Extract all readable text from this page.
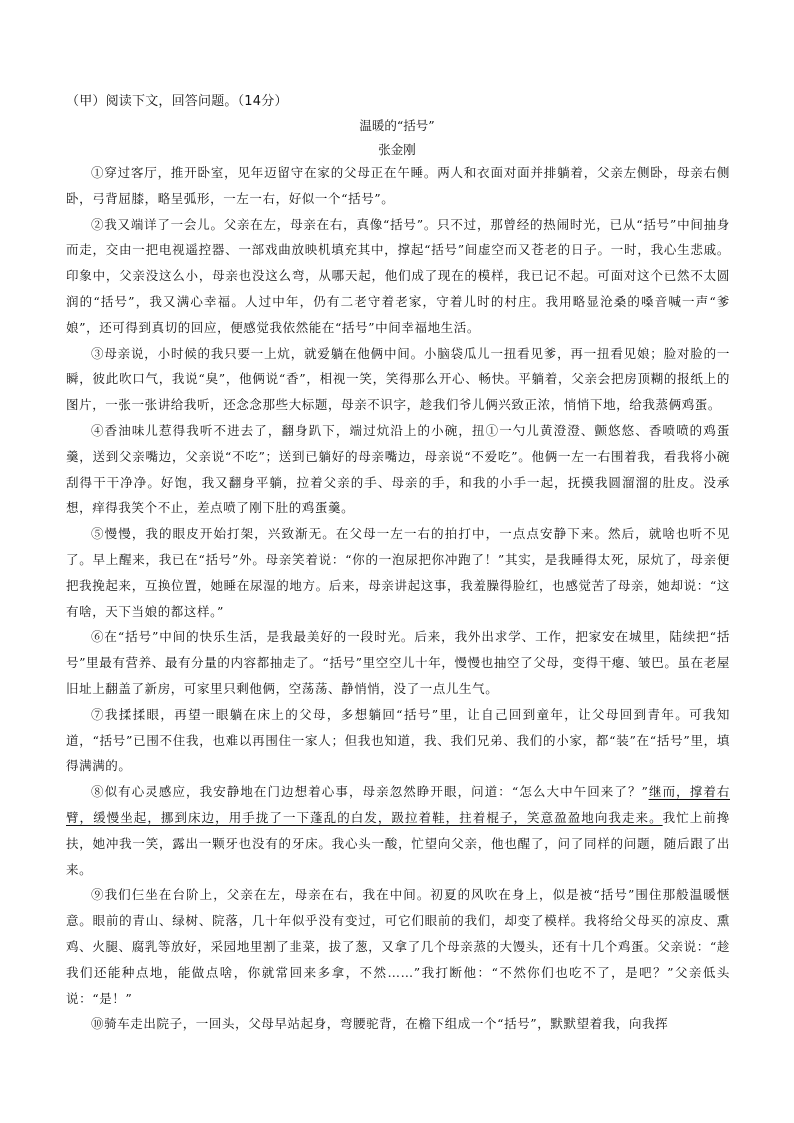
（甲）阅读下文，回答问题。（14分）
温暖的“括号”
张金刚

①穿过客厅，推开卧室，见年迈留守在家的父母正在午睡。两人和衣面对面并排躺着，父亲左侧卧，母亲右侧卧，弓背屈膝，略呈弧形，一左一右，好似一个“括号”。

②我又端详了一会儿。父亲在左，母亲在右，真像“括号”。只不过，那曾经的热闹时光，已从“括号”中间抽身而走，交由一把电视遥控器、一部戏曲放映机填充其中，撑起“括号”间虚空而又苍老的日子。一时，我心生悲戚。印象中，父亲没这么小，母亲也没这么弯，从哪天起，他们成了现在的模样，我已记不起。可面对这个已然不太圆润的“括号”，我又满心幸福。人过中年，仍有二老守着老家，守着儿时的村庄。我用略显沧桑的嗓音喊一声“爹娘”，还可得到真切的回应，便感觉我依然能在“括号”中间幸福地生活。

③母亲说，小时候的我只要一上炕，就爱躺在他俩中间。小脑袋瓜儿一扭看见爹，再一扭看见娘；脸对脸的一瞬，彼此吹口气，我说“臭”，他俩说“香”，相视一笑，笑得那么开心、畅快。平躺着，父亲会把房顶糊的报纸上的图片，一张一张讲给我听，还念念那些大标题，母亲不识字，趁我们爷儿俩兴致正浓，悄悄下地，给我蒸俩鸡蛋。

④香油味儿惹得我听不进去了，翻身趴下，端过炕沿上的小碗，扭①一勺儿黄澄澄、颤悠悠、香喷喷的鸡蛋羹，送到父亲嘴边，父亲说“不吃”；送到已躺好的母亲嘴边，母亲说“不爱吃”。他俩一左一右围着我，看我将小碗刮得干干净净。好饱，我又翻身平躺，拉着父亲的手、母亲的手，和我的小手一起，抚摸我圆溜溜的肚皮。没承想，痒得我笑个不止，差点喷了刚下肚的鸡蛋羹。

⑤慢慢，我的眼皮开始打架，兴致渐无。在父母一左一右的拍打中，一点点安静下来。然后，就啥也听不见了。早上醒来，我已在“括号”外。母亲笑着说：“你的一泡尿把你冲跑了！”其实，是我睡得太死，尿炕了，母亲便把我挽起来，互换位置，她睡在尿湿的地方。后来，母亲讲起这事，我羞臊得脸红，也感觉苦了母亲，她却说：“这有啥，天下当娘的都这样。”

⑥在“括号”中间的快乐生活，是我最美好的一段时光。后来，我外出求学、工作，把家安在城里，陆续把“括号”里最有营养、最有分量的内容都抽走了。“括号”里空空儿十年，慢慢也抽空了父母，变得干瘪、皱巴。虽在老屋旧址上翻盖了新房，可家里只剩他俩，空荡荡、静悄悄，没了一点儿生气。

⑦我揉揉眼，再望一眼躺在床上的父母，多想躺回“括号”里，让自己回到童年，让父母回到青年。可我知道，“括号”已围不住我，也难以再围住一家人；但我也知道，我、我们兄弟、我们的小家，都“装”在“括号”里，填得满满的。

⑧似有心灵感应，我安静地在门边想着心事，母亲忽然睁开眼，问道：“怎么大中午回来了？”继而，撑着右臂，缓慢坐起，挪到床边，用手拢了一下蓬乱的白发，趿拉着鞋，拄着棍子，笑意盈盈地向我走来。我忙上前搀扶，她冲我一笑，露出一颗牙也没有的牙床。我心头一酸，忙望向父亲，他也醒了，问了同样的问题，随后跟了出来。

⑨我们仨坐在台阶上，父亲在左，母亲在右，我在中间。初夏的风吹在身上，似是被“括号”围住那般温暖惬意。眼前的青山、绿树、院落，几十年似乎没有变过，可它们眼前的我们，却变了模样。我将给父母买的凉皮、熏鸡、火腿、腐乳等放好，采园地里割了韭菜，拔了葱，又拿了几个母亲蒸的大馒头，还有十几个鸡蛋。父亲说：“趁我们还能种点地，能做点啥，你就常回来多拿，不然……”我打断他：“不然你们也吃不了，是吧？”父亲低头说：“是！”

⑩骑车走出院子，一回头，父母早站起身，弯腰驼背，在檐下组成一个“括号”，默默望着我，向我挥
